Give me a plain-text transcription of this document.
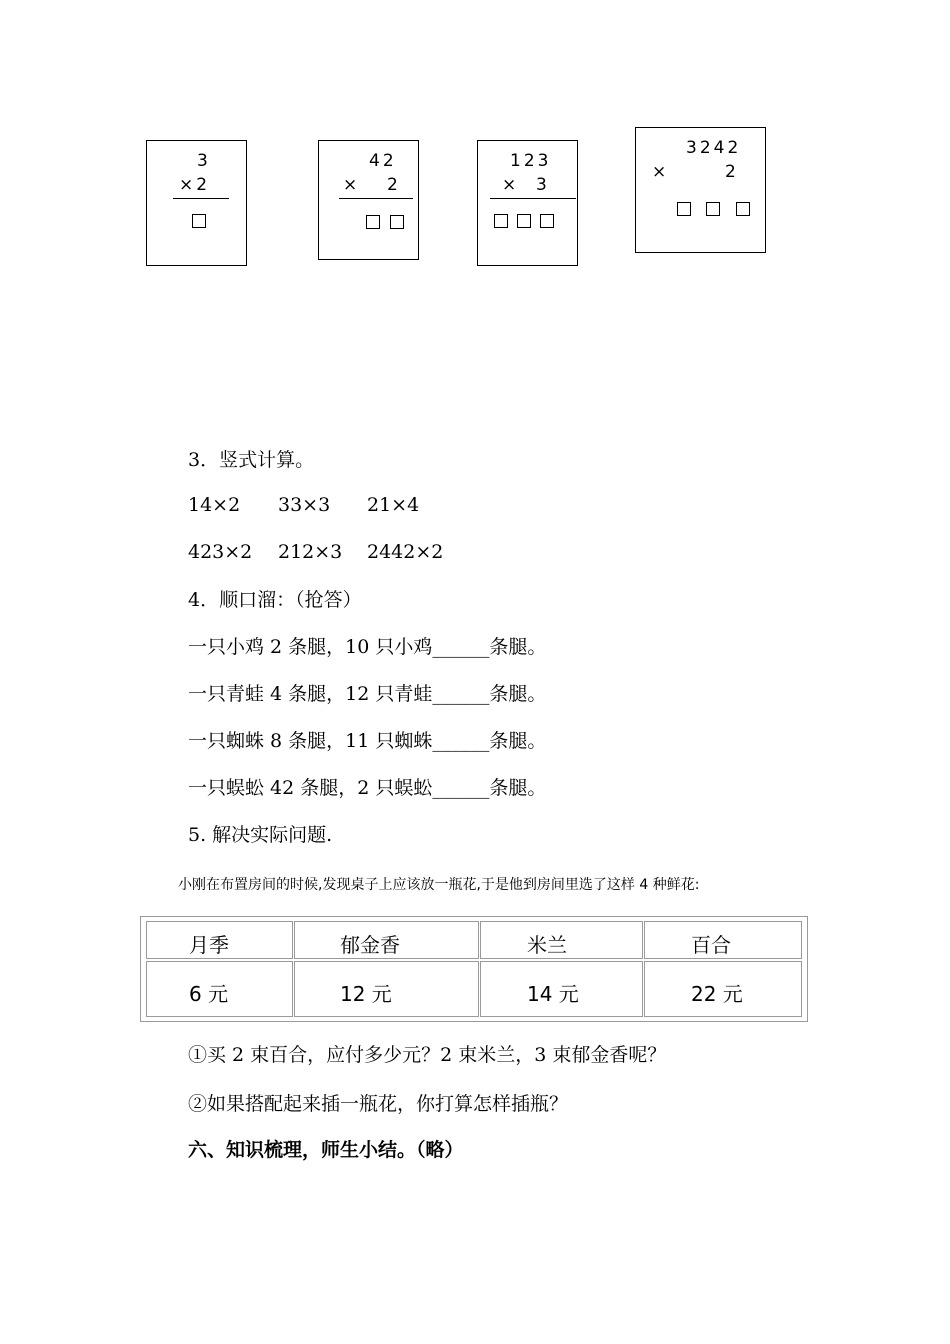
3
×2
42
× 2
123
× 3
3242
×	2
3．竖式计算。
14×2 33×3 21×4
423×2 212×3 2442×2
4．顺口溜：（抢答）
一只小鸡 2 条腿，10 只小鸡______条腿。
一只青蛙 4 条腿，12 只青蛙______条腿。
一只蜘蛛 8 条腿，11 只蜘蛛______条腿。
一只蜈蚣 42 条腿，2 只蜈蚣______条腿。
5. 解决实际问题.
小刚在布置房间的时候,发现桌子上应该放一瓶花,于是他到房间里选了这样 4 种鲜花:
月季	郁金香	米兰	百合
6 元	12 元	14 元	22 元
①买 2 束百合，应付多少元？2 束米兰，3 束郁金香呢？
②如果搭配起来插一瓶花，你打算怎样插瓶？
六、知识梳理，师生小结。（略）
